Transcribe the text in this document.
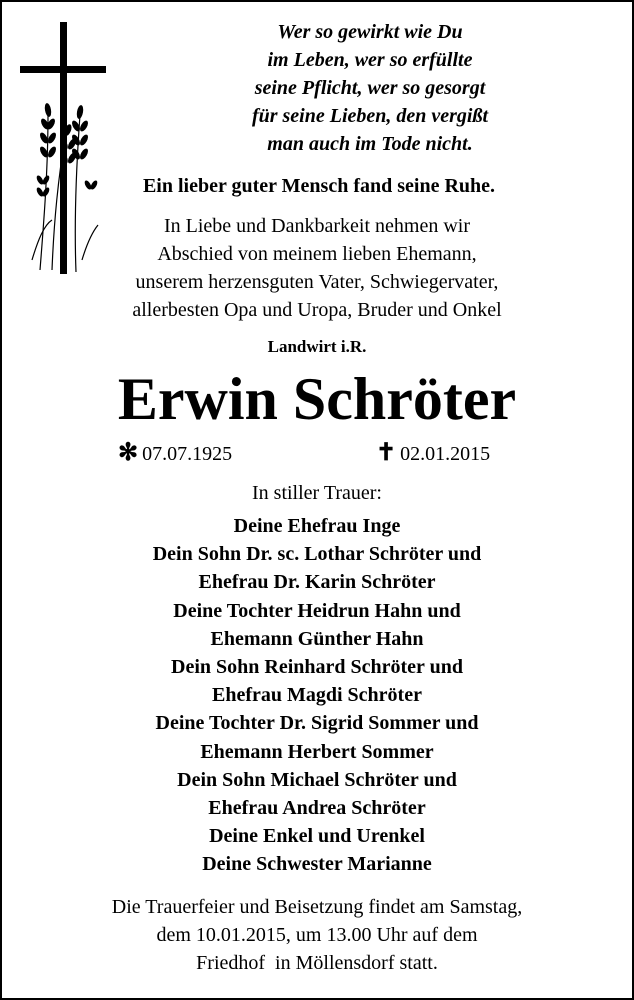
Wer so gewirkt wie Du
im Leben, wer so erfüllte
seine Pflicht, wer so gesorgt
für seine Lieben, den vergißt
man auch im Tode nicht.
Ein lieber guter Mensch fand seine Ruhe.
In Liebe und Dankbarkeit nehmen wir
Abschied von meinem lieben Ehemann,
unserem herzensguten Vater, Schwiegervater,
allerbesten Opa und Uropa, Bruder und Onkel
Landwirt i.R.
Erwin Schröter
✻ 07.07.1925	✝ 02.01.2015
In stiller Trauer:
Deine Ehefrau Inge
Dein Sohn Dr. sc. Lothar Schröter und
Ehefrau Dr. Karin Schröter
Deine Tochter Heidrun Hahn und
Ehemann Günther Hahn
Dein Sohn Reinhard Schröter und
Ehefrau Magdi Schröter
Deine Tochter Dr. Sigrid Sommer und
Ehemann Herbert Sommer
Dein Sohn Michael Schröter und
Ehefrau Andrea Schröter
Deine Enkel und Urenkel
Deine Schwester Marianne
Die Trauerfeier und Beisetzung findet am Samstag,
dem 10.01.2015, um 13.00 Uhr auf dem
Friedhof  in Möllensdorf statt.
